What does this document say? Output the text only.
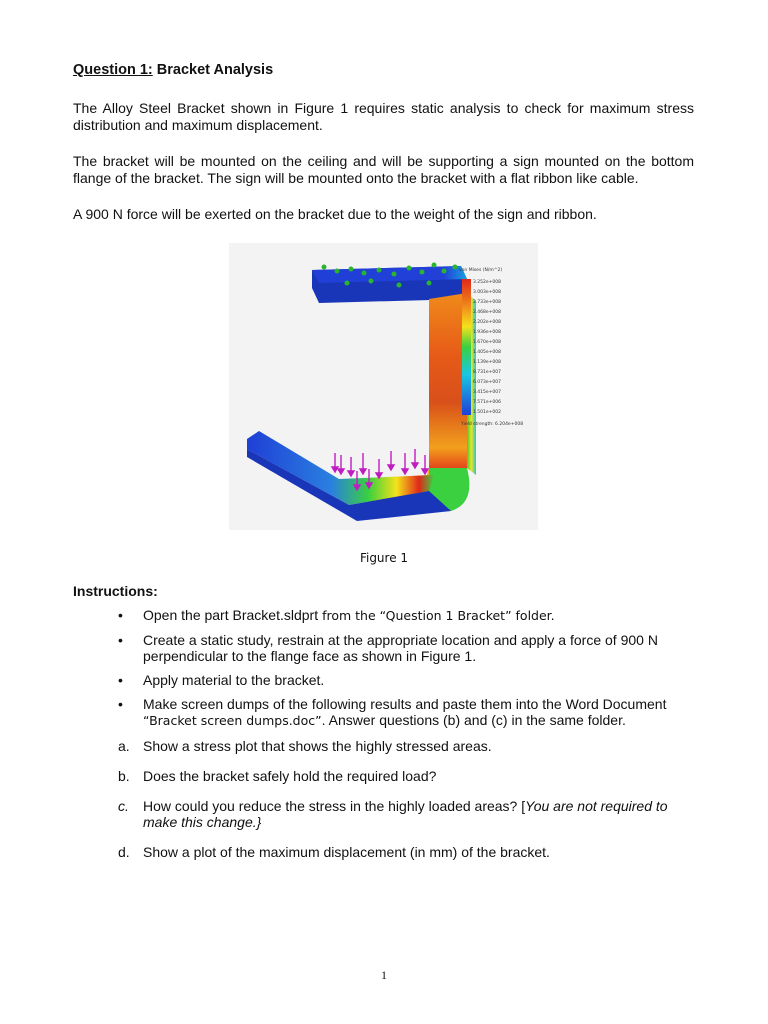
Question 1: Bracket Analysis
The Alloy Steel Bracket shown in Figure 1 requires static analysis to check for maximum stress distribution and maximum displacement.
The bracket will be mounted on the ceiling and will be supporting a sign mounted on the bottom flange of the bracket. The sign will be mounted onto the bracket with a flat ribbon like cable.
A 900 N force will be exerted on the bracket due to the weight of the sign and ribbon.
von Mises (N/m^2)
3.252e+008
3.003e+008
2.733e+008
2.468e+008
2.202e+008
1.936e+008
1.670e+008
1.405e+008
1.139e+008
8.731e+007
6.073e+007
3.415e+007
7.571e+006
1.501e+002
Yield strength: 6.204e+008
Figure 1
Instructions:
• Open the part Bracket.sldprt from the “Question 1 Bracket” folder.
• Create a static study, restrain at the appropriate location and apply a force of 900 N perpendicular to the flange face as shown in Figure 1.
• Apply material to the bracket.
• Make screen dumps of the following results and paste them into the Word Document “Bracket screen dumps.doc”. Answer questions (b) and (c) in the same folder.
a. Show a stress plot that shows the highly stressed areas.
b. Does the bracket safely hold the required load?
c. How could you reduce the stress in the highly loaded areas? [You are not required to make this change.}
d. Show a plot of the maximum displacement (in mm) of the bracket.
1
